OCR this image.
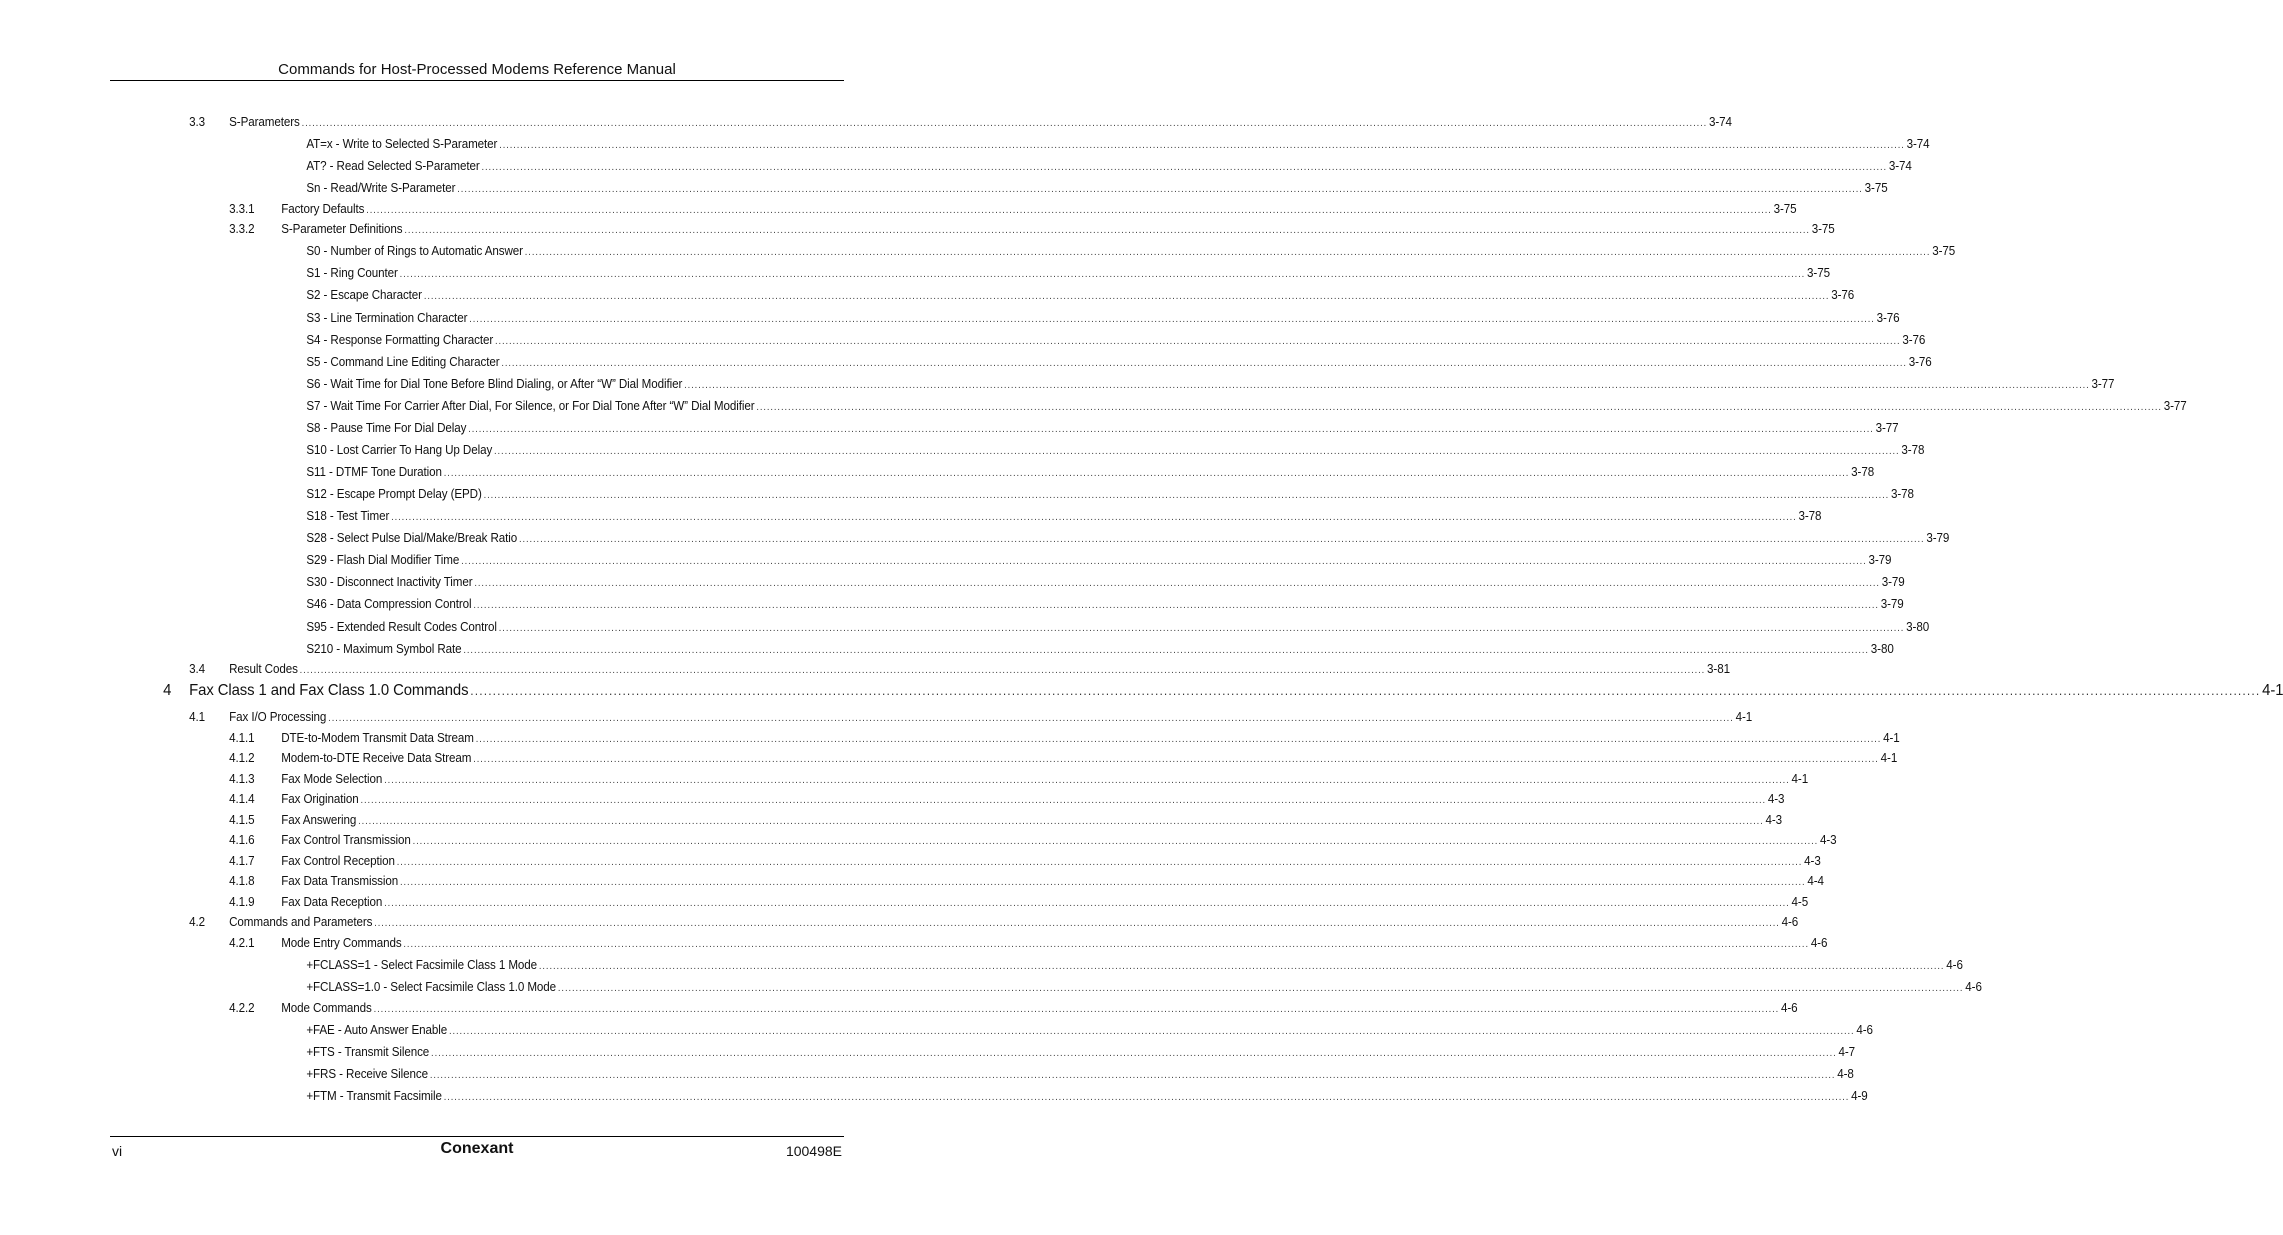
Commands for Host-Processed Modems Reference Manual
3.3 S-Parameters ................................................................................................................................................................................................................................................................................................................................................................................................................ 3-74
AT=x - Write to Selected S-Parameter ................................................................................................................................................................................................................................................................................................................................................................................................................ 3-74
AT? - Read Selected S-Parameter ................................................................................................................................................................................................................................................................................................................................................................................................................ 3-74
Sn - Read/Write S-Parameter ................................................................................................................................................................................................................................................................................................................................................................................................................ 3-75
3.3.1 Factory Defaults ................................................................................................................................................................................................................................................................................................................................................................................................................ 3-75
3.3.2 S-Parameter Definitions ................................................................................................................................................................................................................................................................................................................................................................................................................ 3-75
S0 - Number of Rings to Automatic Answer ................................................................................................................................................................................................................................................................................................................................................................................................................ 3-75
S1 - Ring Counter ................................................................................................................................................................................................................................................................................................................................................................................................................ 3-75
S2 - Escape Character ................................................................................................................................................................................................................................................................................................................................................................................................................ 3-76
S3 - Line Termination Character ................................................................................................................................................................................................................................................................................................................................................................................................................ 3-76
S4 - Response Formatting Character ................................................................................................................................................................................................................................................................................................................................................................................................................ 3-76
S5 - Command Line Editing Character ................................................................................................................................................................................................................................................................................................................................................................................................................ 3-76
S6 - Wait Time for Dial Tone Before Blind Dialing, or After “W” Dial Modifier ................................................................................................................................................................................................................................................................................................................................................................................................................ 3-77
S7 - Wait Time For Carrier After Dial, For Silence, or For Dial Tone After “W” Dial Modifier ................................................................................................................................................................................................................................................................................................................................................................................................................ 3-77
S8 - Pause Time For Dial Delay ................................................................................................................................................................................................................................................................................................................................................................................................................ 3-77
S10 - Lost Carrier To Hang Up Delay ................................................................................................................................................................................................................................................................................................................................................................................................................ 3-78
S11 - DTMF Tone Duration ................................................................................................................................................................................................................................................................................................................................................................................................................ 3-78
S12 - Escape Prompt Delay (EPD) ................................................................................................................................................................................................................................................................................................................................................................................................................ 3-78
S18 - Test Timer ................................................................................................................................................................................................................................................................................................................................................................................................................ 3-78
S28 - Select Pulse Dial/Make/Break Ratio ................................................................................................................................................................................................................................................................................................................................................................................................................ 3-79
S29 - Flash Dial Modifier Time ................................................................................................................................................................................................................................................................................................................................................................................................................ 3-79
S30 - Disconnect Inactivity Timer ................................................................................................................................................................................................................................................................................................................................................................................................................ 3-79
S46 - Data Compression Control ................................................................................................................................................................................................................................................................................................................................................................................................................ 3-79
S95 - Extended Result Codes Control ................................................................................................................................................................................................................................................................................................................................................................................................................ 3-80
S210 - Maximum Symbol Rate ................................................................................................................................................................................................................................................................................................................................................................................................................ 3-80
3.4 Result Codes ................................................................................................................................................................................................................................................................................................................................................................................................................ 3-81
4 Fax Class 1 and Fax Class 1.0 Commands ................................................................................................................................................................................................................................................................................................................................................................................................................ 4-1
4.1 Fax I/O Processing ................................................................................................................................................................................................................................................................................................................................................................................................................ 4-1
4.1.1 DTE-to-Modem Transmit Data Stream ................................................................................................................................................................................................................................................................................................................................................................................................................ 4-1
4.1.2 Modem-to-DTE Receive Data Stream ................................................................................................................................................................................................................................................................................................................................................................................................................ 4-1
4.1.3 Fax Mode Selection ................................................................................................................................................................................................................................................................................................................................................................................................................ 4-1
4.1.4 Fax Origination ................................................................................................................................................................................................................................................................................................................................................................................................................ 4-3
4.1.5 Fax Answering ................................................................................................................................................................................................................................................................................................................................................................................................................ 4-3
4.1.6 Fax Control Transmission ................................................................................................................................................................................................................................................................................................................................................................................................................ 4-3
4.1.7 Fax Control Reception ................................................................................................................................................................................................................................................................................................................................................................................................................ 4-3
4.1.8 Fax Data Transmission ................................................................................................................................................................................................................................................................................................................................................................................................................ 4-4
4.1.9 Fax Data Reception ................................................................................................................................................................................................................................................................................................................................................................................................................ 4-5
4.2 Commands and Parameters ................................................................................................................................................................................................................................................................................................................................................................................................................ 4-6
4.2.1 Mode Entry Commands ................................................................................................................................................................................................................................................................................................................................................................................................................ 4-6
+FCLASS=1 - Select Facsimile Class 1 Mode ................................................................................................................................................................................................................................................................................................................................................................................................................ 4-6
+FCLASS=1.0 - Select Facsimile Class 1.0 Mode ................................................................................................................................................................................................................................................................................................................................................................................................................ 4-6
4.2.2 Mode Commands ................................................................................................................................................................................................................................................................................................................................................................................................................ 4-6
+FAE - Auto Answer Enable ................................................................................................................................................................................................................................................................................................................................................................................................................ 4-6
+FTS - Transmit Silence ................................................................................................................................................................................................................................................................................................................................................................................................................ 4-7
+FRS - Receive Silence ................................................................................................................................................................................................................................................................................................................................................................................................................ 4-8
+FTM - Transmit Facsimile ................................................................................................................................................................................................................................................................................................................................................................................................................ 4-9
vi	Conexant	100498E
